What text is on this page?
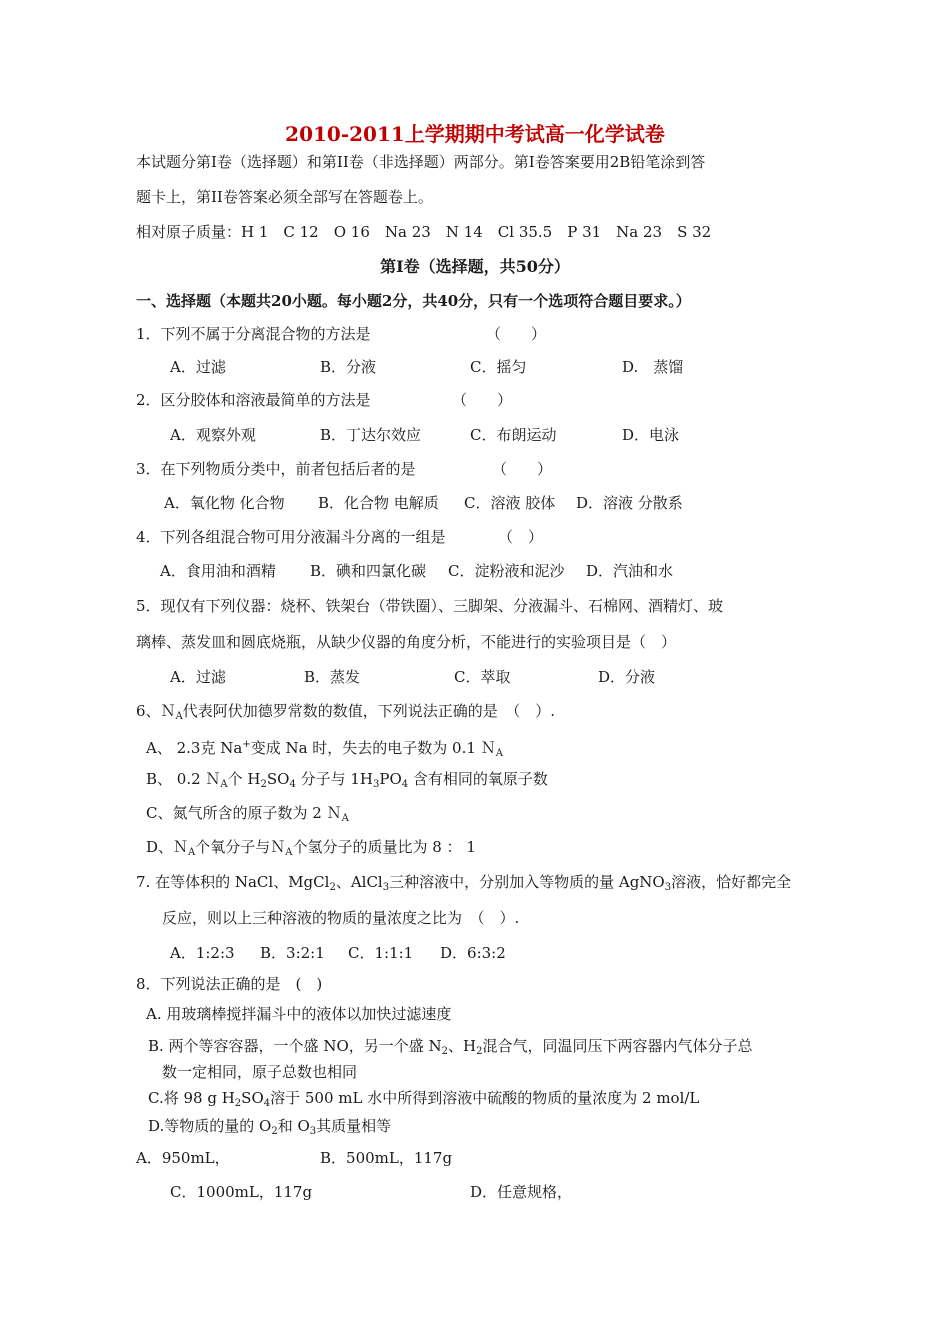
2010-2011上学期期中考试高一化学试卷
本试题分第Ⅰ卷（选择题）和第II卷（非选择题）两部分。第Ⅰ卷答案要用2B铅笔涂到答
题卡上，第II卷答案必须全部写在答题卷上。
相对原子质量：H 1　C 12　O 16　Na 23　N 14　Cl 35.5　P 31　Na 23　S 32
第Ⅰ卷（选择题，共50分）
一、选择题（本题共20小题。每小题2分，共40分，只有一个选项符合题目要求。）
1．下列不属于分离混合物的方法是	（　　）
A．过滤	B．分液	C．摇匀	D.　蒸馏
2．区分胶体和溶液最简单的方法是	（　　）
A．观察外观	B．丁达尔效应	C．布朗运动	D．电泳
3．在下列物质分类中，前者包括后者的是	（　　）
A．氧化物 化合物 B．化合物 电解质 C．溶液 胶体 D．溶液 分散系
4．下列各组混合物可用分液漏斗分离的一组是	（　）
A．食用油和酒精 B．碘和四氯化碳 C．淀粉液和泥沙 D．汽油和水
5．现仅有下列仪器：烧杯、铁架台（带铁圈）、三脚架、分液漏斗、石棉网、酒精灯、玻
璃棒、蒸发皿和圆底烧瓶，从缺少仪器的角度分析，不能进行的实验项目是（　）
A．过滤	B．蒸发	C．萃取	D．分液
6、Ｎ$_A$代表阿伏加德罗常数的数值，下列说法正确的是　（　）.
A、 2.3克 Na+变成 Na 时，失去的电子数为 0.1 Ｎ$_A$
B、 0.2 Ｎ$_A$个 $H_2SO_4$ 分子与 $1H_3PO_4$ 含有相同的氧原子数
C、氮气所含的原子数为 2 Ｎ$_A$
D、Ｎ$_A$个氧分子与Ｎ$_A$个氢分子的质量比为 8 ： 1
7. 在等体积的 NaCl、MgCl$_2$、AlCl$_3$三种溶液中，分别加入等物质的量 AgNO$_3$溶液，恰好都完全
反应，则以上三种溶液的物质的量浓度之比为　（　）.
A．1:2:3 B．3:2:1 C．1:1:1 D．6:3:2
8．下列说法正确的是　(　)
A. 用玻璃棒搅拌漏斗中的液体以加快过滤速度
B. 两个等容容器，一个盛 NO，另一个盛 $N_2$、$H_2$混合气，同温同压下两容器内气体分子总
数一定相同，原子总数也相同
C.将 98 g $H_2SO_4$溶于 500 mL 水中所得到溶液中硫酸的物质的量浓度为 2 mol/L
D.等物质的量的 $O_2$和 $O_3$其质量相等
A．950mL，	B．500mL，117g
C．1000mL，117g	D．任意规格，
